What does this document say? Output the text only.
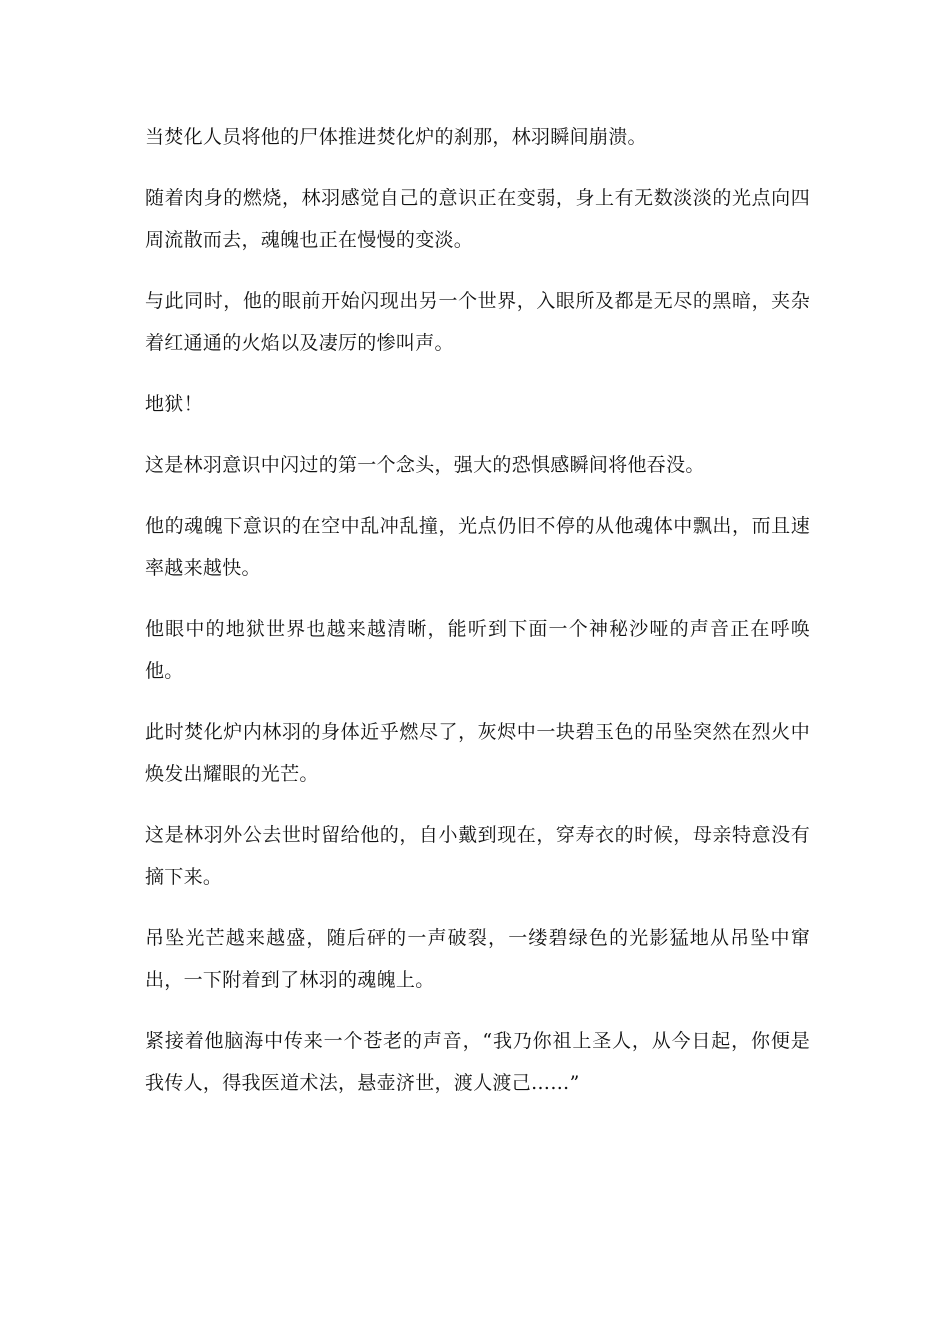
当焚化人员将他的尸体推进焚化炉的刹那，林羽瞬间崩溃。

随着肉身的燃烧，林羽感觉自己的意识正在变弱，身上有无数淡淡的光点向四周流散而去，魂魄也正在慢慢的变淡。

与此同时，他的眼前开始闪现出另一个世界，入眼所及都是无尽的黑暗，夹杂着红通通的火焰以及凄厉的惨叫声。

地狱！

这是林羽意识中闪过的第一个念头，强大的恐惧感瞬间将他吞没。

他的魂魄下意识的在空中乱冲乱撞，光点仍旧不停的从他魂体中飘出，而且速率越来越快。

他眼中的地狱世界也越来越清晰，能听到下面一个神秘沙哑的声音正在呼唤他。

此时焚化炉内林羽的身体近乎燃尽了，灰烬中一块碧玉色的吊坠突然在烈火中焕发出耀眼的光芒。

这是林羽外公去世时留给他的，自小戴到现在，穿寿衣的时候，母亲特意没有摘下来。

吊坠光芒越来越盛，随后砰的一声破裂，一缕碧绿色的光影猛地从吊坠中窜出，一下附着到了林羽的魂魄上。

紧接着他脑海中传来一个苍老的声音，“我乃你祖上圣人，从今日起，你便是我传人，得我医道术法，悬壶济世，渡人渡己……”
